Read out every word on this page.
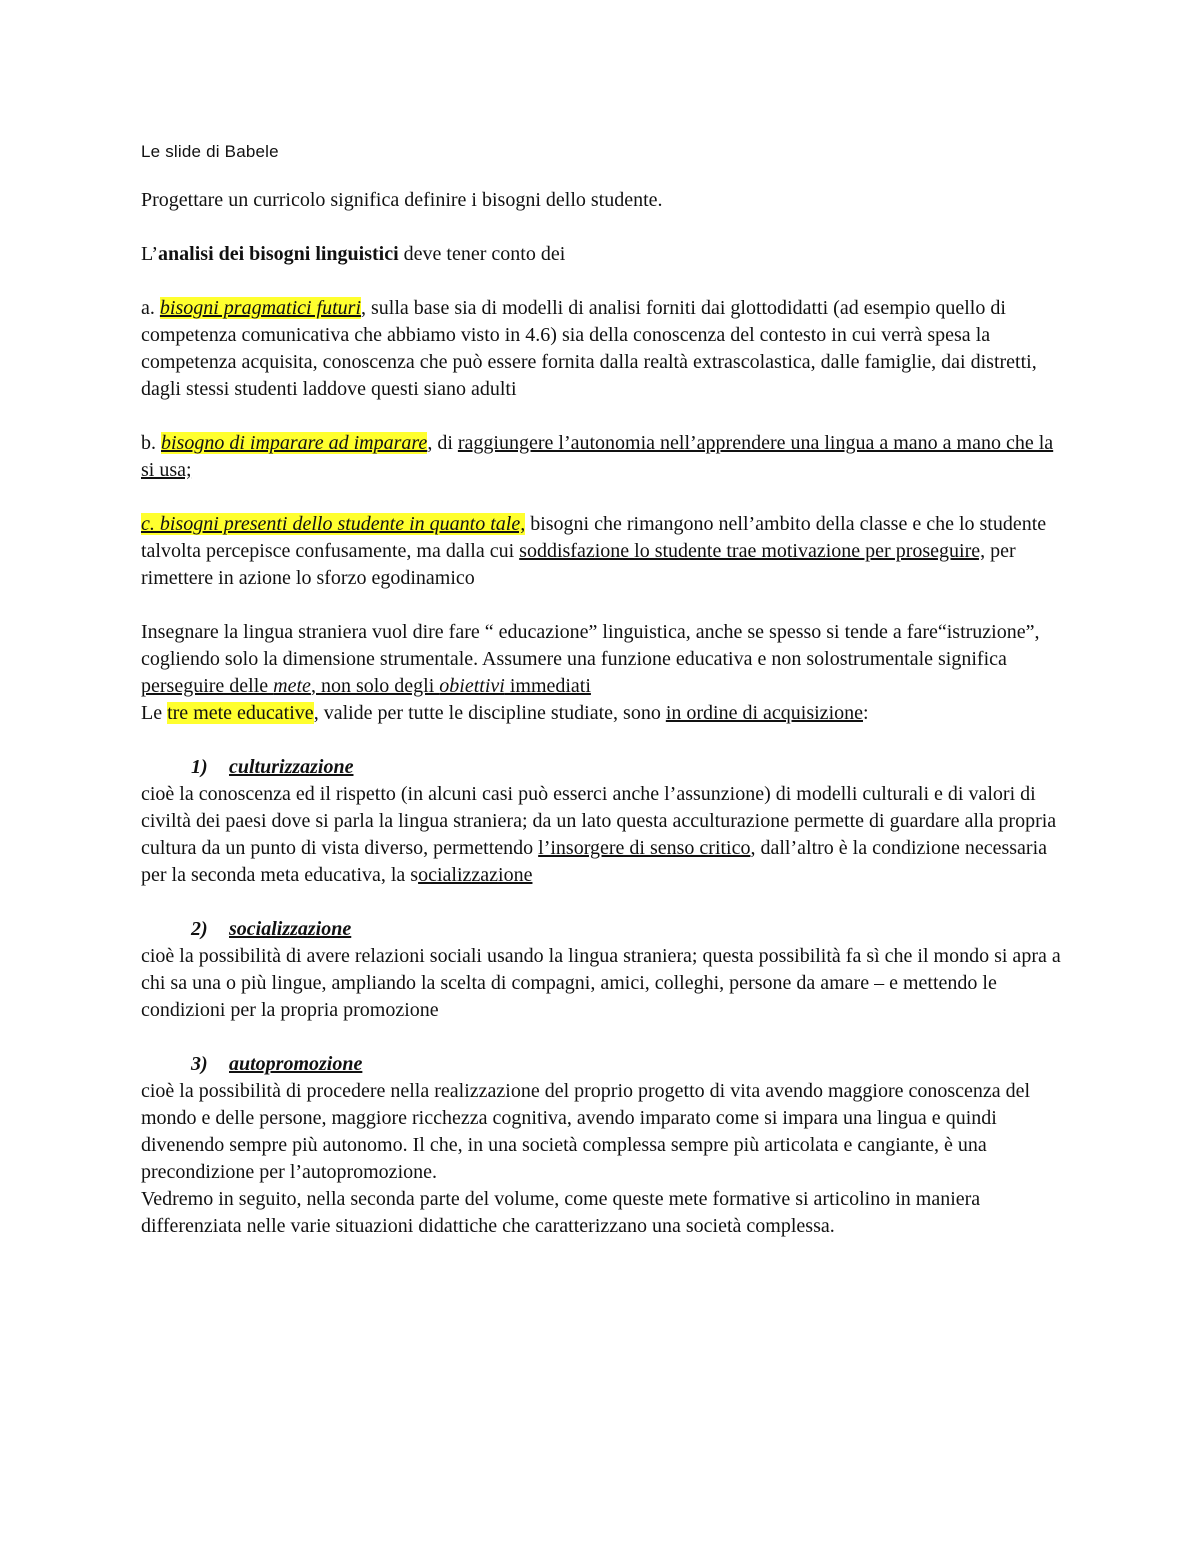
Le slide di Babele

Progettare un curricolo significa definire i bisogni dello studente.

L’analisi dei bisogni linguistici deve tener conto dei

a. bisogni pragmatici futuri, sulla base sia di modelli di analisi forniti dai glottodidatti (ad esempio quello di competenza comunicativa che abbiamo visto in 4.6) sia della conoscenza del contesto in cui verrà spesa la competenza acquisita, conoscenza che può essere fornita dalla realtà extrascolastica, dalle famiglie, dai distretti, dagli stessi studenti laddove questi siano adulti

b. bisogno di imparare ad imparare, di raggiungere l’autonomia nell’apprendere una lingua a mano a mano che la si usa;

c. bisogni presenti dello studente in quanto tale, bisogni che rimangono nell’ambito della classe e che lo studente talvolta percepisce confusamente, ma dalla cui soddisfazione lo studente trae motivazione per proseguire, per rimettere in azione lo sforzo egodinamico

Insegnare la lingua straniera vuol dire fare “ educazione” linguistica, anche se spesso si tende a fare“istruzione”, cogliendo solo la dimensione strumentale. Assumere una funzione educativa e non solostrumentale significa perseguire delle mete, non solo degli obiettivi immediati

Le tre mete educative, valide per tutte le discipline studiate, sono in ordine di acquisizione:

1) culturizzazione

cioè la conoscenza ed il rispetto (in alcuni casi può esserci anche l’assunzione) di modelli culturali e di valori di civiltà dei paesi dove si parla la lingua straniera; da un lato questa acculturazione permette di guardare alla propria cultura da un punto di vista diverso, permettendo l’insorgere di senso critico, dall’altro è la condizione necessaria per la seconda meta educativa, la socializzazione

2) socializzazione

cioè la possibilità di avere relazioni sociali usando la lingua straniera; questa possibilità fa sì che il mondo si apra a chi sa una o più lingue, ampliando la scelta di compagni, amici, colleghi, persone da amare – e mettendo le condizioni per la propria promozione

3) autopromozione

cioè la possibilità di procedere nella realizzazione del proprio progetto di vita avendo maggiore conoscenza del mondo e delle persone, maggiore ricchezza cognitiva, avendo imparato come si impara una lingua e quindi divenendo sempre più autonomo. Il che, in una società complessa sempre più articolata e cangiante, è una precondizione per l’autopromozione.

Vedremo in seguito, nella seconda parte del volume, come queste mete formative si articolino in maniera differenziata nelle varie situazioni didattiche che caratterizzano una società complessa.
